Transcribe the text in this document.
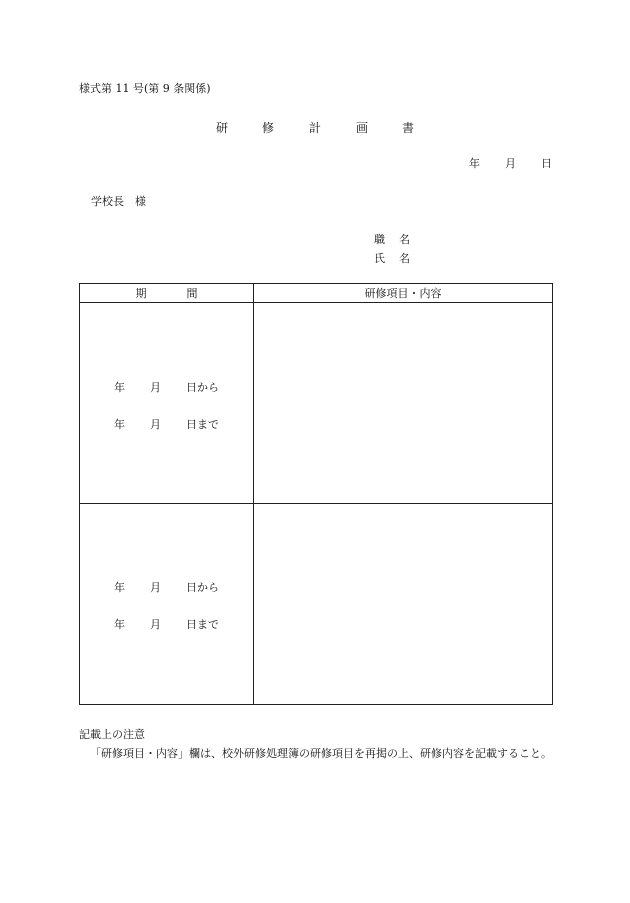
様式第 11 号(第 9 条関係)
研	修	計	画	書
年 月 日
学校長　様
職 名
氏 名
期 間	研修項目・内容

年 月 日から
年 月 日まで	

年 月 日から
年 月 日まで	

記載上の注意
「研修項目・内容」欄は、校外研修処理簿の研修項目を再掲の上、研修内容を記載すること。
